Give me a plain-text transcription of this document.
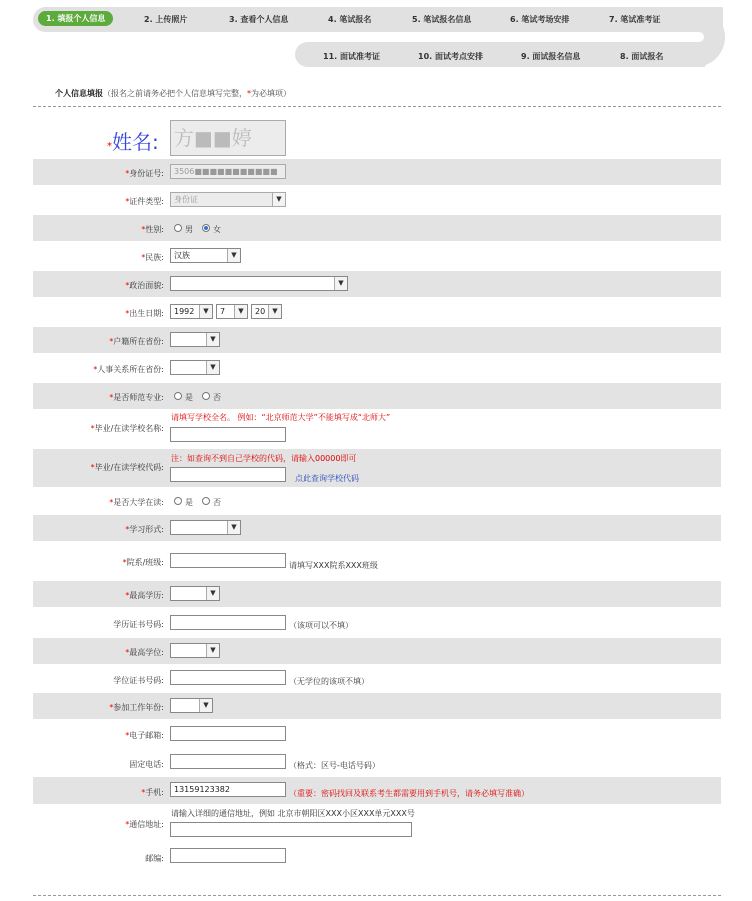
1. 填报个人信息	2. 上传照片	3. 查看个人信息	4. 笔试报名	5. 笔试报名信息	6. 笔试考场安排	7. 笔试准考证
11. 面试准考证	10. 面试考点安排	9. 面试报名信息	8. 面试报名
个人信息填报（报名之前请务必把个人信息填写完整，*为必填项）
*姓名: 方■■婷
*身份证号:	3506■■■■■■■■■■■
*证件类型:	身份证	▼
*性别:	男	女
*民族:	汉族	▼
*政治面貌:	▼
*出生日期:	1992	▼	7	▼	20	▼
*户籍所在省份:	▼
*人事关系所在省份:	▼
*是否师范专业:	是	否
请填写学校全名。 例如：“北京师范大学”不能填写成“北师大”
*毕业/在读学校名称:
注：如查询不到自己学校的代码，请输入00000即可
*毕业/在读学校代码:
点此查询学校代码
*是否大学在读:	是	否
*学习形式:	▼
*院系/班级:	请填写XXX院系XXX班级
*最高学历:	▼
学历证书号码:	（该项可以不填）
*最高学位:	▼
学位证书号码:	（无学位的该项不填）
*参加工作年份:	▼
*电子邮箱:
固定电话:	（格式：区号-电话号码）
*手机:	13159123382	（重要：密码找回及联系考生都需要用到手机号，请务必填写准确）
请输入详细的通信地址，例如 北京市朝阳区XXX小区XXX单元XXX号
*通信地址:
邮编:
